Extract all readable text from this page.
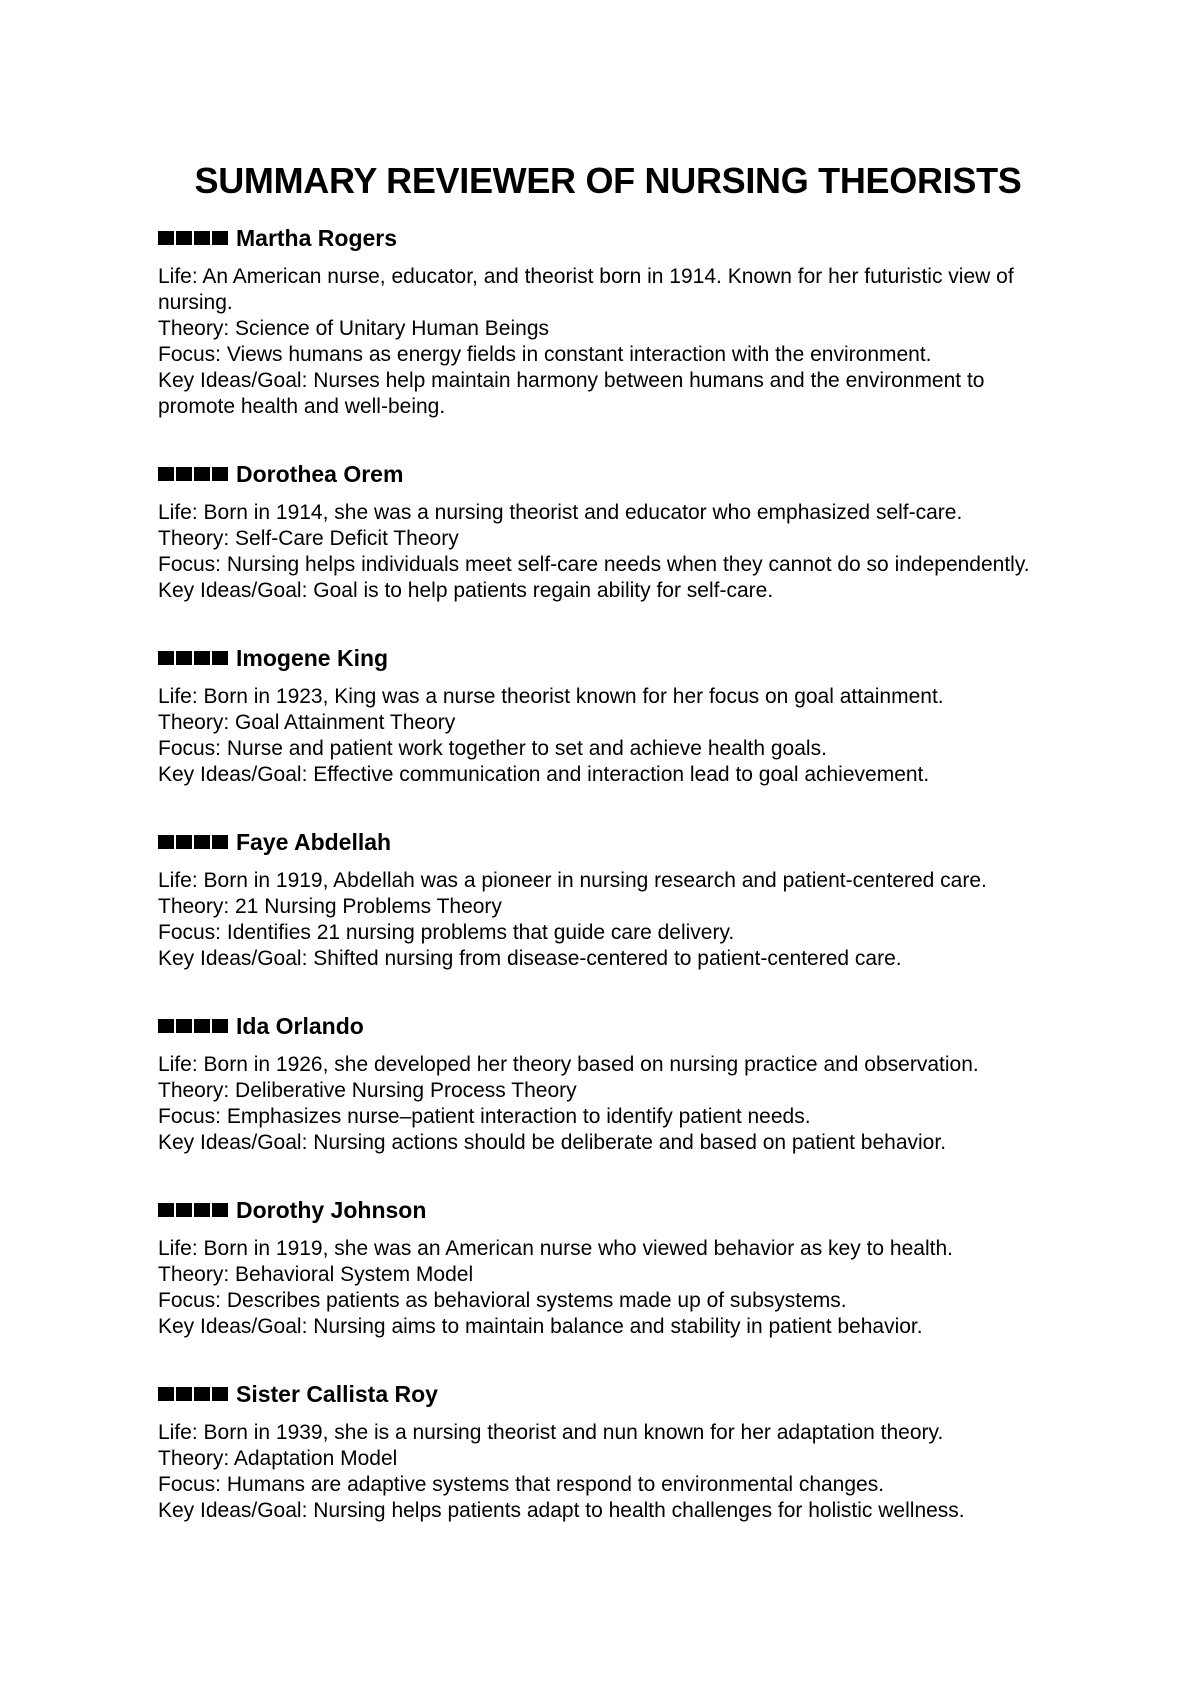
SUMMARY REVIEWER OF NURSING THEORISTS
Martha Rogers

Life: An American nurse, educator, and theorist born in 1914. Known for her futuristic view of nursing.

Theory: Science of Unitary Human Beings

Focus: Views humans as energy fields in constant interaction with the environment.

Key Ideas/Goal: Nurses help maintain harmony between humans and the environment to promote health and well-being.

Dorothea Orem

Life: Born in 1914, she was a nursing theorist and educator who emphasized self-care.

Theory: Self-Care Deficit Theory

Focus: Nursing helps individuals meet self-care needs when they cannot do so independently.

Key Ideas/Goal: Goal is to help patients regain ability for self-care.

Imogene King

Life: Born in 1923, King was a nurse theorist known for her focus on goal attainment.

Theory: Goal Attainment Theory

Focus: Nurse and patient work together to set and achieve health goals.

Key Ideas/Goal: Effective communication and interaction lead to goal achievement.

Faye Abdellah

Life: Born in 1919, Abdellah was a pioneer in nursing research and patient-centered care.

Theory: 21 Nursing Problems Theory

Focus: Identifies 21 nursing problems that guide care delivery.

Key Ideas/Goal: Shifted nursing from disease-centered to patient-centered care.

Ida Orlando

Life: Born in 1926, she developed her theory based on nursing practice and observation.

Theory: Deliberative Nursing Process Theory

Focus: Emphasizes nurse–patient interaction to identify patient needs.

Key Ideas/Goal: Nursing actions should be deliberate and based on patient behavior.

Dorothy Johnson

Life: Born in 1919, she was an American nurse who viewed behavior as key to health.

Theory: Behavioral System Model

Focus: Describes patients as behavioral systems made up of subsystems.

Key Ideas/Goal: Nursing aims to maintain balance and stability in patient behavior.

Sister Callista Roy

Life: Born in 1939, she is a nursing theorist and nun known for her adaptation theory.

Theory: Adaptation Model

Focus: Humans are adaptive systems that respond to environmental changes.

Key Ideas/Goal: Nursing helps patients adapt to health challenges for holistic wellness.
